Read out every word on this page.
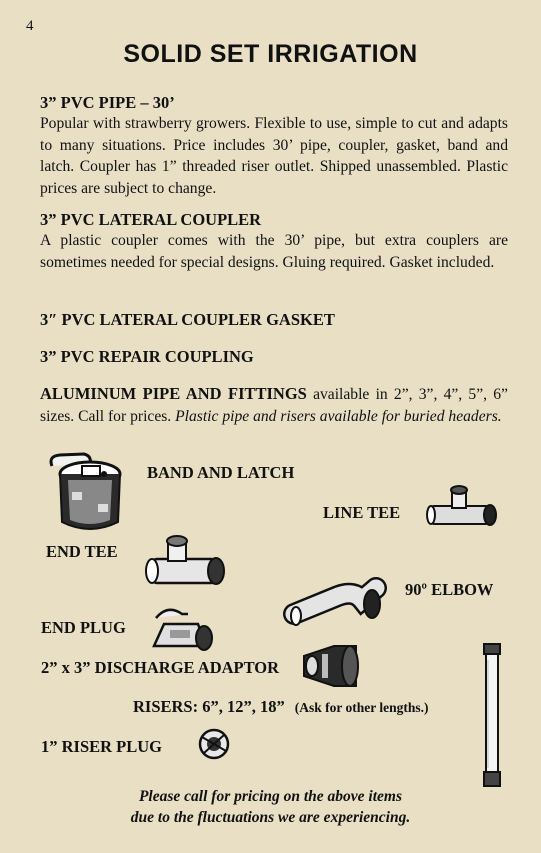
4
SOLID SET IRRIGATION

3” PVC PIPE – 30’

Popular with strawberry growers. Flexible to use, simple to cut and adapts to many situations. Price includes 30’ pipe, coupler, gasket, band and latch. Coupler has 1” threaded riser outlet. Shipped unassembled. Plastic prices are subject to change.

3” PVC LATERAL COUPLER

A plastic coupler comes with the 30’ pipe, but extra couplers are sometimes needed for special designs. Gluing required. Gasket included.

3″ PVC LATERAL COUPLER GASKET

3” PVC REPAIR COUPLING

ALUMINUM PIPE AND FITTINGS available in 2”, 3”, 4”, 5”, 6” sizes. Call for prices. Plastic pipe and risers available for buried headers.

BAND AND LATCH
LINE TEE
END TEE
90º ELBOW
END PLUG
2” x 3” DISCHARGE ADAPTOR
RISERS: 6”, 12”, 18” (Ask for other lengths.)
1” RISER PLUG
Please call for pricing on the above items
due to the fluctuations we are experiencing.
